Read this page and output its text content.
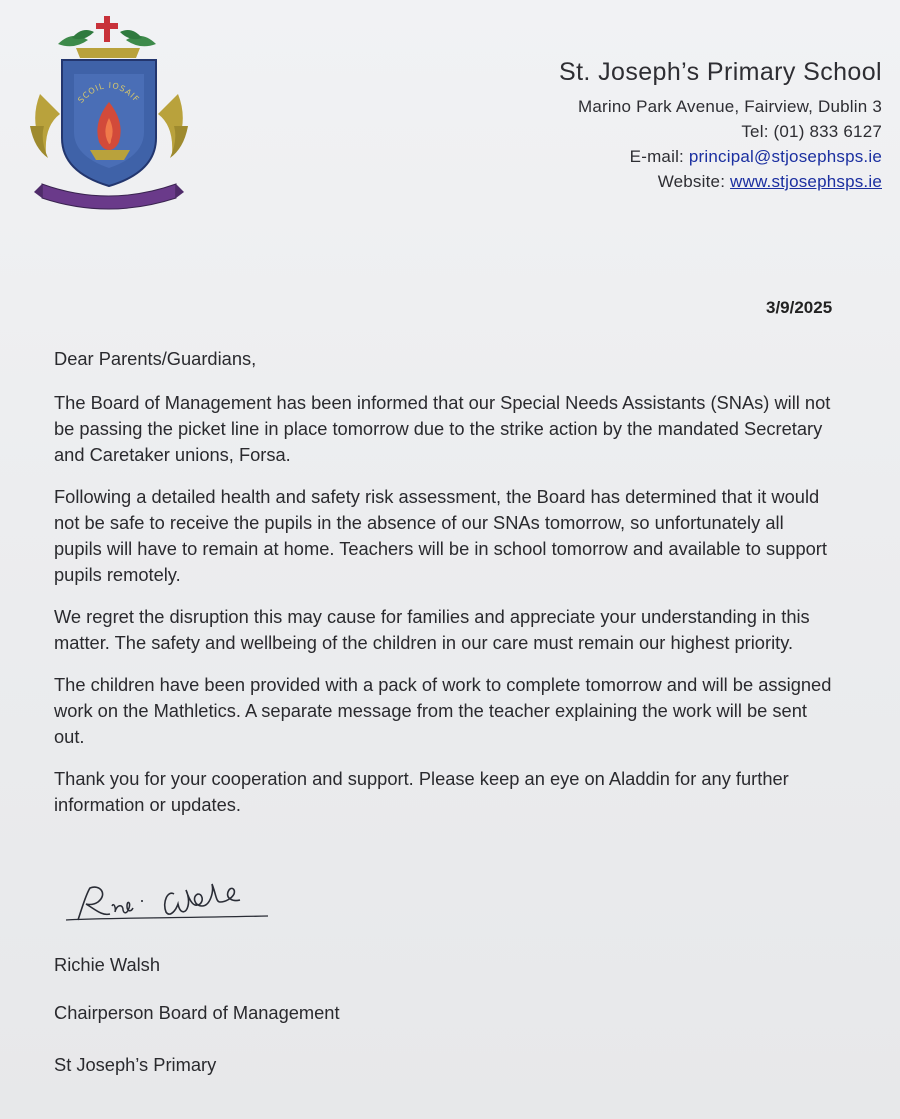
SCOIL IOSAIF
St. Joseph’s Primary School
Marino Park Avenue, Fairview, Dublin 3
Tel: (01) 833 6127
E-mail: principal@stjosephsps.ie
Website: www.stjosephsps.ie
3/9/2025

Dear Parents/Guardians,

The Board of Management has been informed that our Special Needs Assistants (SNAs) will not
be passing the picket line in place tomorrow due to the strike action by the mandated Secretary
and Caretaker unions, Forsa.

Following a detailed health and safety risk assessment, the Board has determined that it would
not be safe to receive the pupils in the absence of our SNAs tomorrow, so unfortunately all
pupils will have to remain at home. Teachers will be in school tomorrow and available to support
pupils remotely.

We regret the disruption this may cause for families and appreciate your understanding in this
matter. The safety and wellbeing of the children in our care must remain our highest priority.

The children have been provided with a pack of work to complete tomorrow and will be assigned
work on the Mathletics. A separate message from the teacher explaining the work will be sent
out.

Thank you for your cooperation and support. Please keep an eye on Aladdin for any further
information or updates.

Richie Walsh
Chairperson Board of Management
St Joseph’s Primary
